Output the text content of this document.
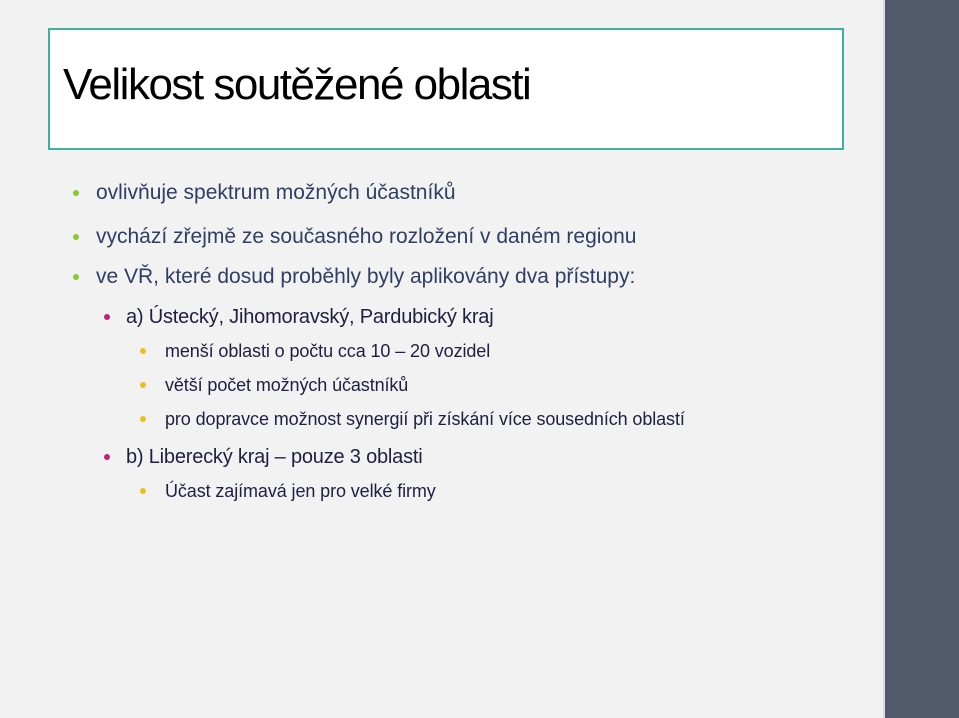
Velikost soutěžené oblasti
ovlivňuje spektrum možných účastníků
vychází zřejmě ze současného rozložení v daném regionu
ve VŘ, které dosud proběhly byly aplikovány dva přístupy:
a) Ústecký, Jihomoravský, Pardubický kraj
menší oblasti o počtu cca 10 – 20 vozidel
větší počet možných účastníků
pro dopravce možnost synergií při získání více sousedních oblastí
b) Liberecký kraj – pouze 3 oblasti
Účast zajímavá jen pro velké firmy
